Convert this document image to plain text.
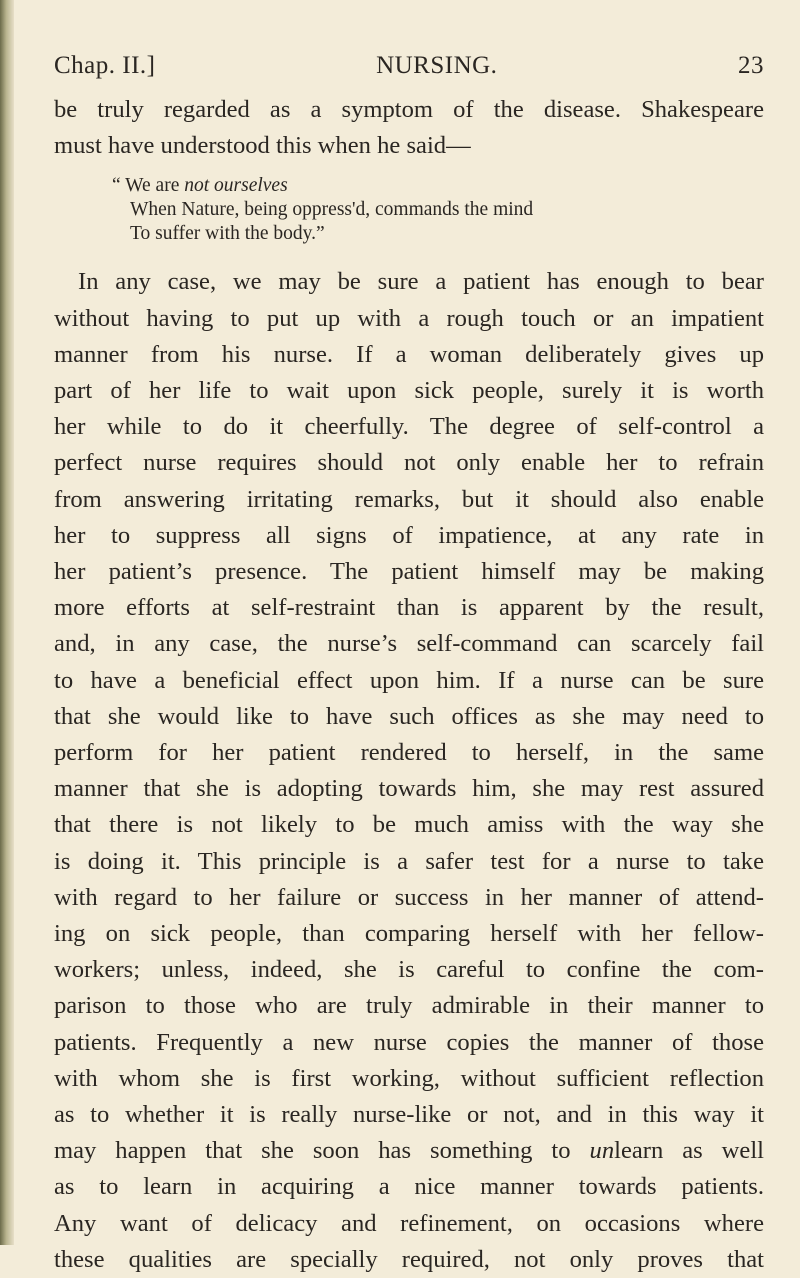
Chap. II.]	NURSING.	23
be truly regarded as a symptom of the disease. Shakespeare
must have understood this when he said—
“ We are not ourselves
When Nature, being oppress'd, commands the mind
To suffer with the body.”
In any case, we may be sure a patient has enough to bear
without having to put up with a rough touch or an impatient
manner from his nurse. If a woman deliberately gives up
part of her life to wait upon sick people, surely it is worth
her while to do it cheerfully. The degree of self-control a
perfect nurse requires should not only enable her to refrain
from answering irritating remarks, but it should also enable
her to suppress all signs of impatience, at any rate in
her patient’s presence. The patient himself may be making
more efforts at self-restraint than is apparent by the result,
and, in any case, the nurse’s self-command can scarcely fail
to have a beneficial effect upon him. If a nurse can be sure
that she would like to have such offices as she may need to
perform for her patient rendered to herself, in the same
manner that she is adopting towards him, she may rest assured
that there is not likely to be much amiss with the way she
is doing it. This principle is a safer test for a nurse to take
with regard to her failure or success in her manner of attend-
ing on sick people, than comparing herself with her fellow-
workers; unless, indeed, she is careful to confine the com-
parison to those who are truly admirable in their manner to
patients. Frequently a new nurse copies the manner of those
with whom she is first working, without sufficient reflection
as to whether it is really nurse-like or not, and in this way it
may happen that she soon has something to unlearn as well
as to learn in acquiring a nice manner towards patients.
Any want of delicacy and refinement, on occasions where
these qualities are specially required, not only proves that
